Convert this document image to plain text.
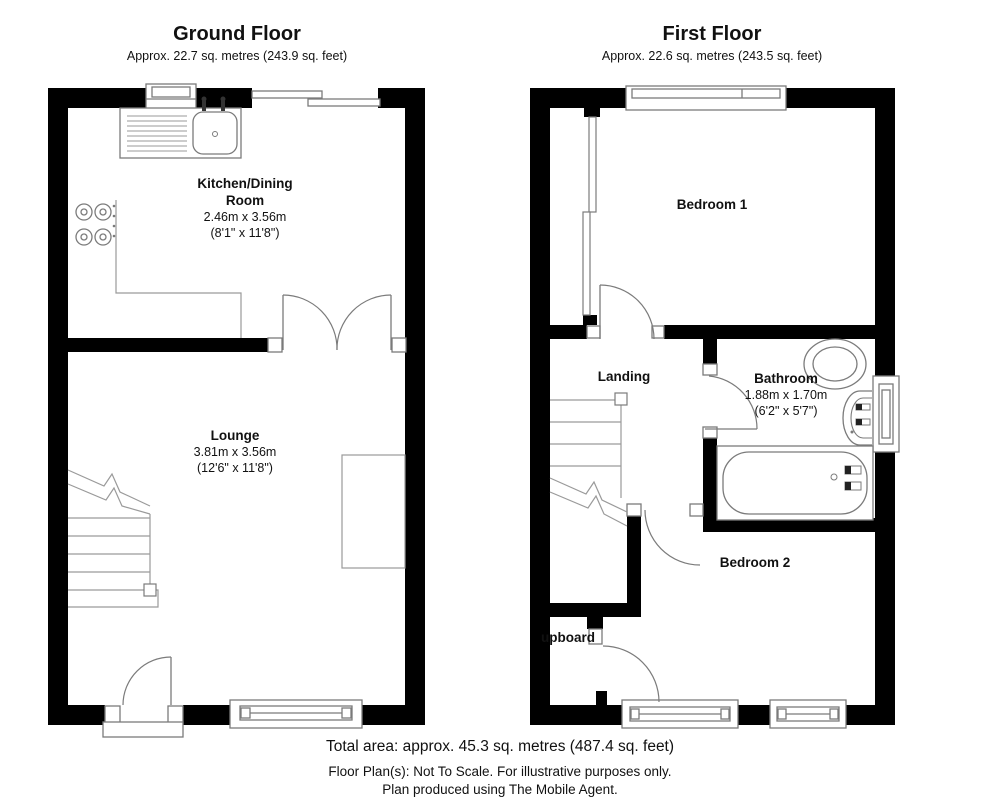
Ground Floor
Approx. 22.7 sq. metres (243.9 sq. feet)
First Floor
Approx. 22.6 sq. metres (243.5 sq. feet)
Kitchen/Dining Room
2.46m x 3.56m
(8'1" x 11'8")
Lounge
3.81m x 3.56m
(12'6" x 11'8")
Bedroom 1
Landing	Bathroom
1.88m x 1.70m
(6'2" x 5'7")
Bedroom 2
upboard
Total area: approx. 45.3 sq. metres (487.4 sq. feet)
Floor Plan(s): Not To Scale. For illustrative purposes only.
Plan produced using The Mobile Agent.
